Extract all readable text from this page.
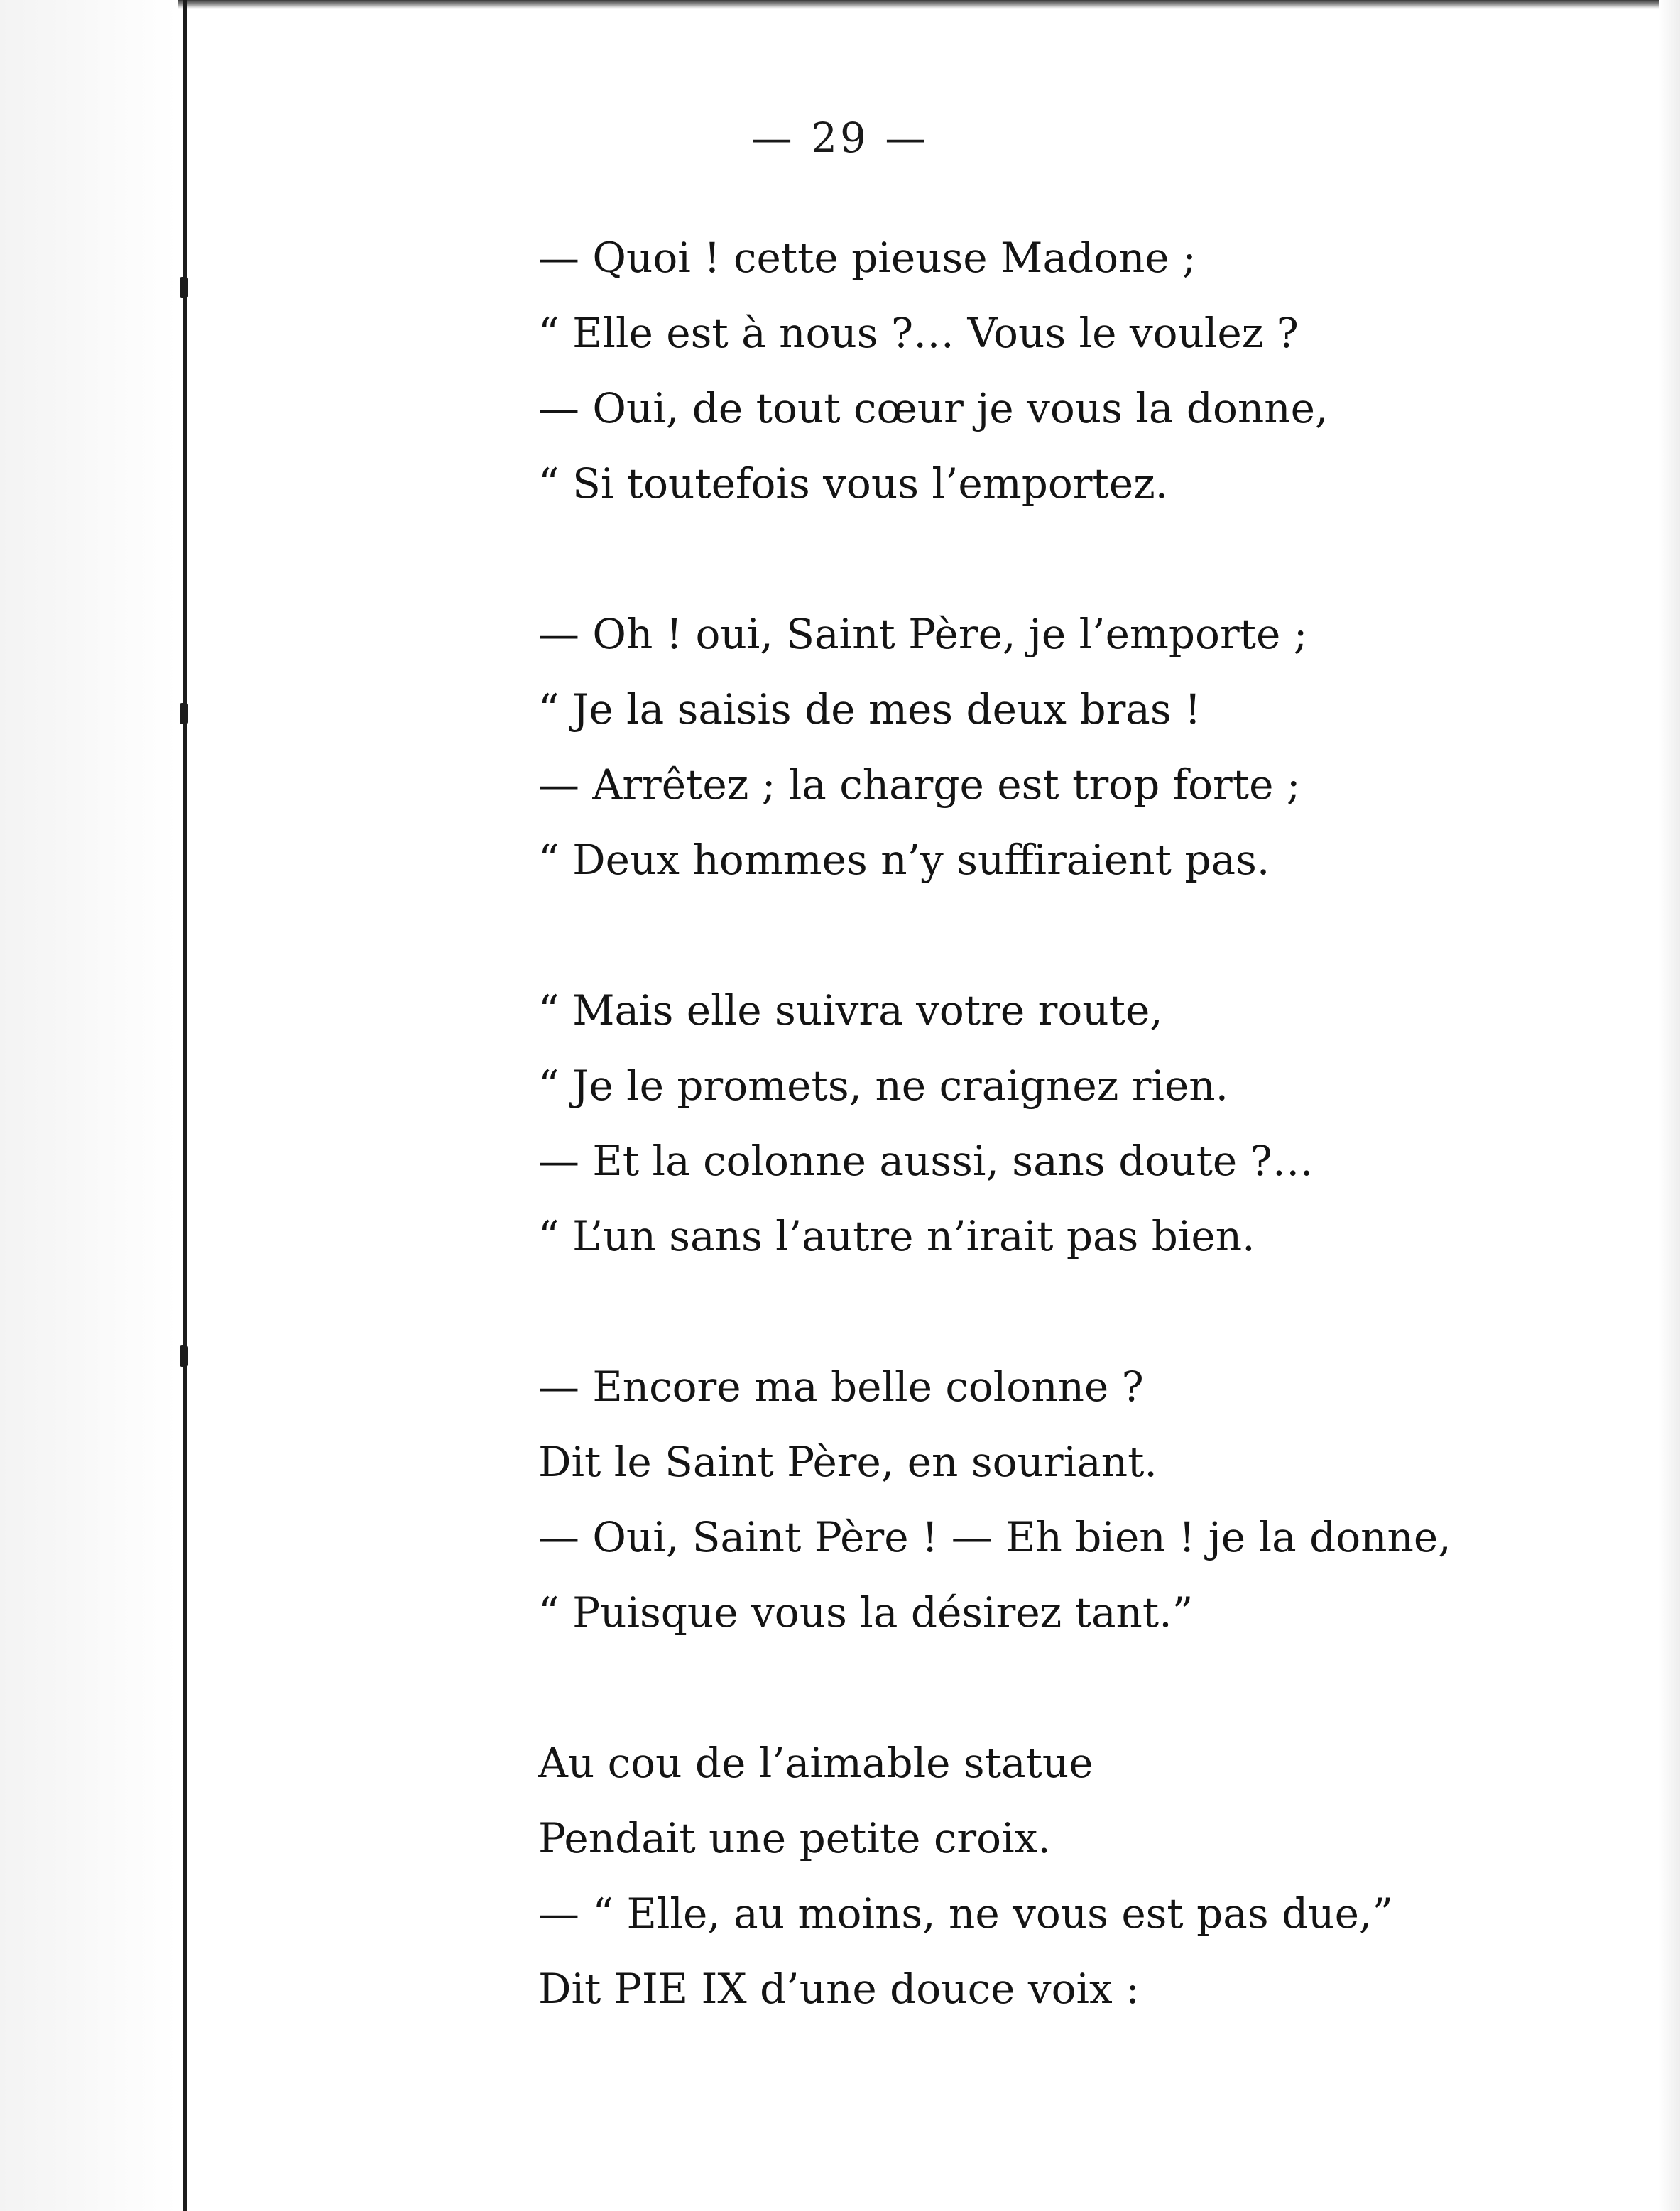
— 29 —
— Quoi ! cette pieuse Madone ;
“ Elle est à nous ?… Vous le voulez ?
— Oui, de tout cœur je vous la donne,
“ Si toutefois vous l’emportez.
— Oh ! oui, Saint Père, je l’emporte ;
“ Je la saisis de mes deux bras !
— Arrêtez ; la charge est trop forte ;
“ Deux hommes n’y suffiraient pas.
“ Mais elle suivra votre route,
“ Je le promets, ne craignez rien.
— Et la colonne aussi, sans doute ?…
“ L’un sans l’autre n’irait pas bien.
— Encore ma belle colonne ?
Dit le Saint Père, en souriant.
— Oui, Saint Père ! — Eh bien ! je la donne,
“ Puisque vous la désirez tant.”
Au cou de l’aimable statue
Pendait une petite croix.
— “ Elle, au moins, ne vous est pas due,”
Dit PIE IX d’une douce voix :
